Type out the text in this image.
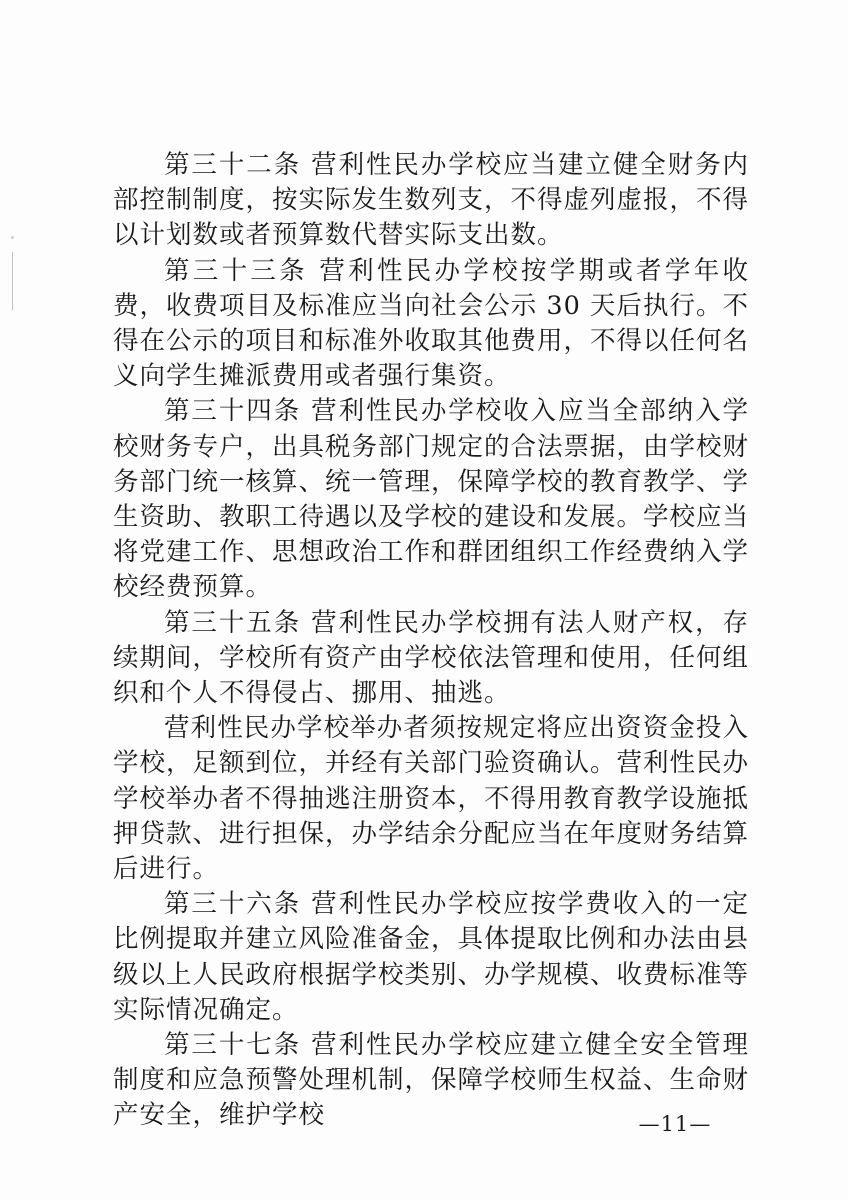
第三十二条 营利性民办学校应当建立健全财务内部控制制度，按实际发生数列支，不得虚列虚报，不得以计划数或者预算数代替实际支出数。

第三十三条 营利性民办学校按学期或者学年收费，收费项目及标准应当向社会公示 30 天后执行。不得在公示的项目和标准外收取其他费用，不得以任何名义向学生摊派费用或者强行集资。

第三十四条 营利性民办学校收入应当全部纳入学校财务专户，出具税务部门规定的合法票据，由学校财务部门统一核算、统一管理，保障学校的教育教学、学生资助、教职工待遇以及学校的建设和发展。学校应当将党建工作、思想政治工作和群团组织工作经费纳入学校经费预算。

第三十五条 营利性民办学校拥有法人财产权，存续期间，学校所有资产由学校依法管理和使用，任何组织和个人不得侵占、挪用、抽逃。

营利性民办学校举办者须按规定将应出资资金投入学校，足额到位，并经有关部门验资确认。营利性民办学校举办者不得抽逃注册资本，不得用教育教学设施抵押贷款、进行担保，办学结余分配应当在年度财务结算后进行。

第三十六条 营利性民办学校应按学费收入的一定比例提取并建立风险准备金，具体提取比例和办法由县级以上人民政府根据学校类别、办学规模、收费标准等实际情况确定。

第三十七条 营利性民办学校应建立健全安全管理制度和应急预警处理机制，保障学校师生权益、生命财产安全，维护学校	—11—
